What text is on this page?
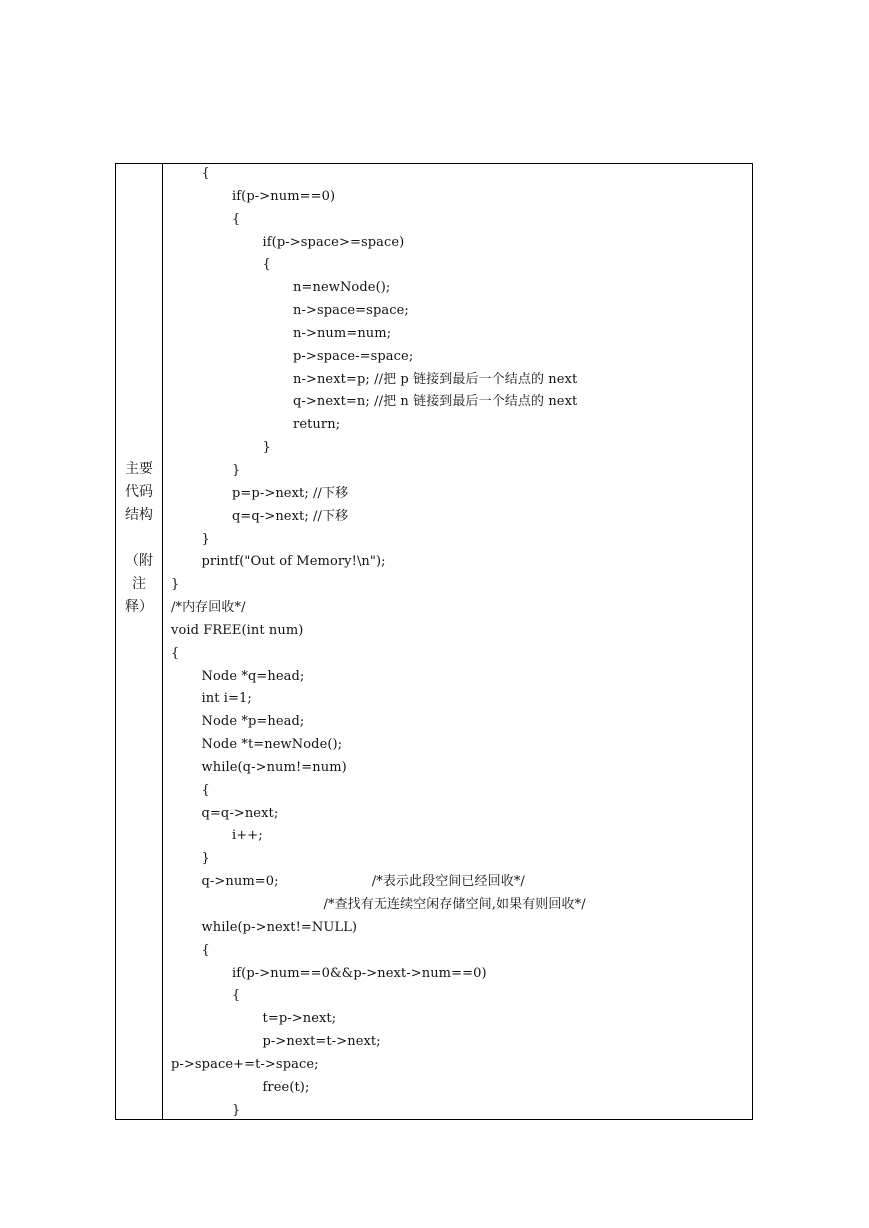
主要
代码
结构
（附
注
释）
{
if(p->num==0)
{
if(p->space>=space)
{
n=newNode();
n->space=space;
n->num=num;
p->space-=space;
n->next=p; //把 p 链接到最后一个结点的 next
q->next=n; //把 n 链接到最后一个结点的 next
return;
}
}
p=p->next; //下移
q=q->next; //下移
}
printf("Out of Memory!\n");
}
/*内存回收*/
void FREE(int num)
{
Node *q=head;
int i=1;
Node *p=head;
Node *t=newNode();
while(q->num!=num)
{
q=q->next;
i++;
}
q->num=0;                      /*表示此段空间已经回收*/
/*查找有无连续空闲存储空间,如果有则回收*/
while(p->next!=NULL)
{
if(p->num==0&&p->next->num==0)
{
t=p->next;
p->next=t->next;
p->space+=t->space;
free(t);
}
